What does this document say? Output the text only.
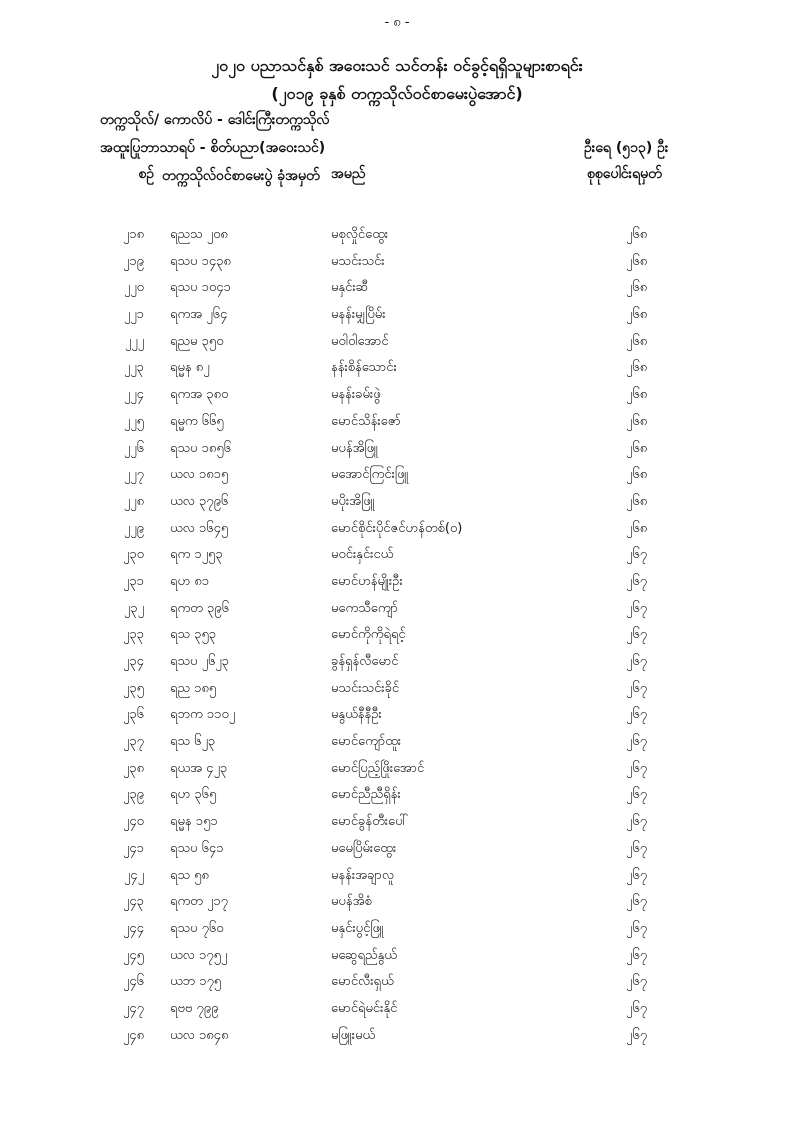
- ၈ -
၂၀၂၀ ပညာသင်နှစ် အဝေးသင် သင်တန်း ဝင်ခွင့်ရရှိသူများစာရင်း
(၂၀၁၉ ခုနှစ် တက္ကသိုလ်ဝင်စာမေးပွဲအောင်)
တက္ကသိုလ်/ ကောလိပ် - ဒေါင်းကြီးတက္ကသိုလ်
အထူးပြုဘာသာရပ် - စိတ်ပညာ(အဝေးသင်)	ဦးရေ (၅၁၃) ဦး
စဉ် တက္ကသိုလ်ဝင်စာမေးပွဲ ခုံအမှတ် အမည်	စုစုပေါင်းရမှတ်
၂၁၈ ရညသ ၂၀၈	မစုလှိုင်ထွေး	၂၆၈
၂၁၉ ရသပ ၁၄၃၈	မသင်းသင်း	၂၆၈
၂၂၀ ရသပ ၁၀၄၁	မနှင်းဆီ	၂၆၈
၂၂၁ ရကအ ၂၆၄	မနန်းမျှပြိမ်း	၂၆၈
၂၂၂ ရညမ ၃၅၀	မဝါဝါအောင်	၂၆၈
၂၂၃ ရမ္မန ၈၂	နန်းစိန်သောင်း	၂၆၈
၂၂၄ ရကအ ၃၈၀	မနန်းခမ်းဖွဲ	၂၆၈
၂၂၅ ရမ္မက ၆၆၅	မောင်သိန်းဇော်	၂၆၈
၂၂၆ ရသပ ၁၈၅၆	မပန်အိဖြူ	၂၆၈
၂၂၇ ယလ ၁၈၁၅	မအောင်ကြင်းဖြူ	၂၆၈
၂၂၈ ယလ ၃၇၉၆	မပိုးအိဖြူ	၂၆၈
၂၂၉ ယလ ၁၆၄၅	မောင်စိုင်းပိုင်ဇင်ဟန်တစ်(ဝ)	၂၆၈
၂၃၀ ရက ၁၂၅၃	မဝင်းနှင်းငယ်	၂၆၇
၂၃၁ ရဟ ၈၁	မောင်ဟန်မျိုးဦး	၂၆၇
၂၃၂ ရကတ ၃၉၆	မကေသီကျော်	၂၆၇
၂၃၃ ရသ ၃၅၃	မောင်ကိုကိုရဲရင့်	၂၆၇
၂၃၄ ရသပ ၂၆၂၃	ခွန်ရှန်လီမောင်	၂၆၇
၂၃၅ ရည ၁၈၅	မသင်းသင်းခိုင်	၂၆၇
၂၃၆ ရဘက ၁၁၀၂	မနွယ်နီနီဦး	၂၆၇
၂၃၇ ရသ ၆၂၃	မောင်ကျော်ထူး	၂၆၇
၂၃၈ ရယအ ၄၂၃	မောင်ပြည့်ဖြိုးအောင်	၂၆၇
၂၃၉ ရဟ ၃၆၅	မောင်ညီညီရှိန်း	၂၆၇
၂၄၀ ရမ္မန ၁၅၁	မောင်ခွန်တီးပေါ်	၂၆၇
၂၄၁ ရသပ ၆၄၁	မမေပြိမ်းထွေး	၂၆၇
၂၄၂ ရသ ၅၈	မနန်းအချာလူ	၂၆၇
၂၄၃ ရကတ ၂၁၇	မပန်အိစံ	၂၆၇
၂၄၄ ရသပ ၇၆၀	မနှင်းပွင့်ဖြူ	၂၆၇
၂၄၅ ယလ ၁၇၅၂	မဆွေရည်နွယ်	၂၆၇
၂၄၆ ယဘ ၁၇၅	မောင်လီးရှယ်	၂၆၇
၂၄၇ ရဗဗ ၇၉၉	မောင်ရဲမင်းနိုင်	၂၆၇
၂၄၈ ယလ ၁၈၄၈	မဖြူးမယ်	၂၆၇
